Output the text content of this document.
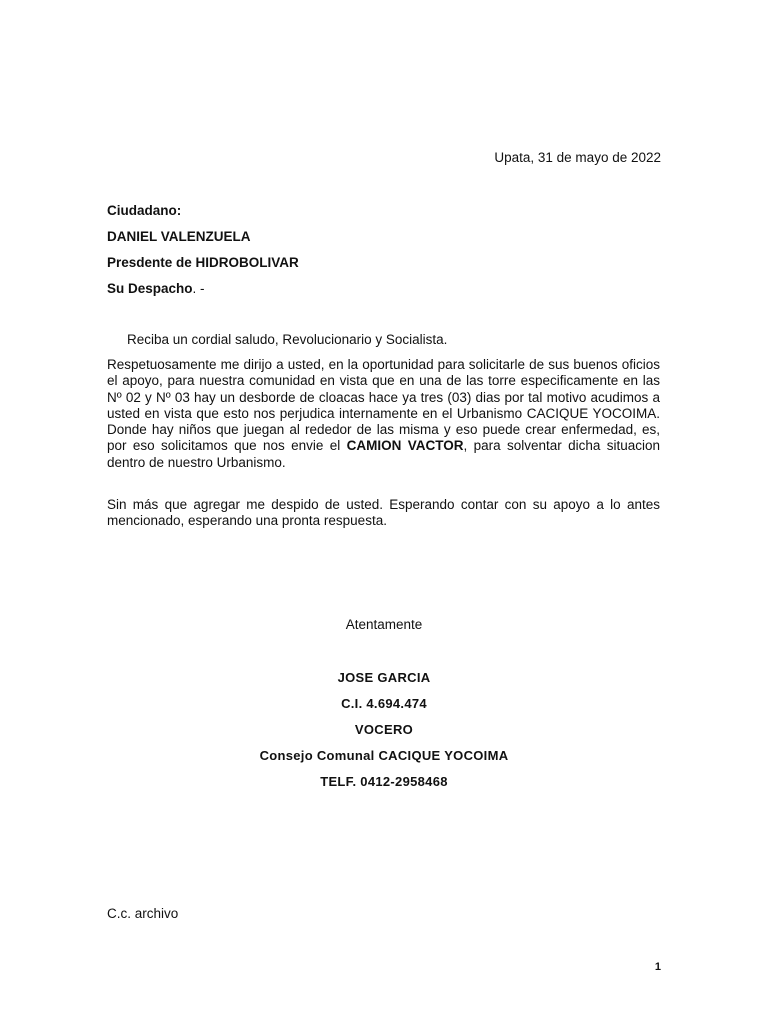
Upata, 31 de mayo de 2022
Ciudadano:
DANIEL VALENZUELA
Presdente de HIDROBOLIVAR
Su Despacho. -
Reciba un cordial saludo, Revolucionario y Socialista.
Respetuosamente me dirijo a usted, en la oportunidad para solicitarle de sus buenos oficios el apoyo, para nuestra comunidad en vista que en una de las torre especificamente en las Nº 02 y Nº 03 hay un desborde de cloacas hace ya tres (03) dias por tal motivo acudimos a usted en vista que esto nos perjudica internamente en el Urbanismo CACIQUE YOCOIMA. Donde hay niños que juegan al rededor de las misma y eso puede crear enfermedad, es, por eso solicitamos que nos envie el CAMION VACTOR, para solventar dicha situacion dentro de nuestro Urbanismo.
Sin más que agregar me despido de usted. Esperando contar con su apoyo a lo antes mencionado, esperando una pronta respuesta.
Atentamente
JOSE GARCIA
C.I. 4.694.474
VOCERO
Consejo Comunal CACIQUE YOCOIMA
TELF. 0412-2958468
C.c. archivo
1
